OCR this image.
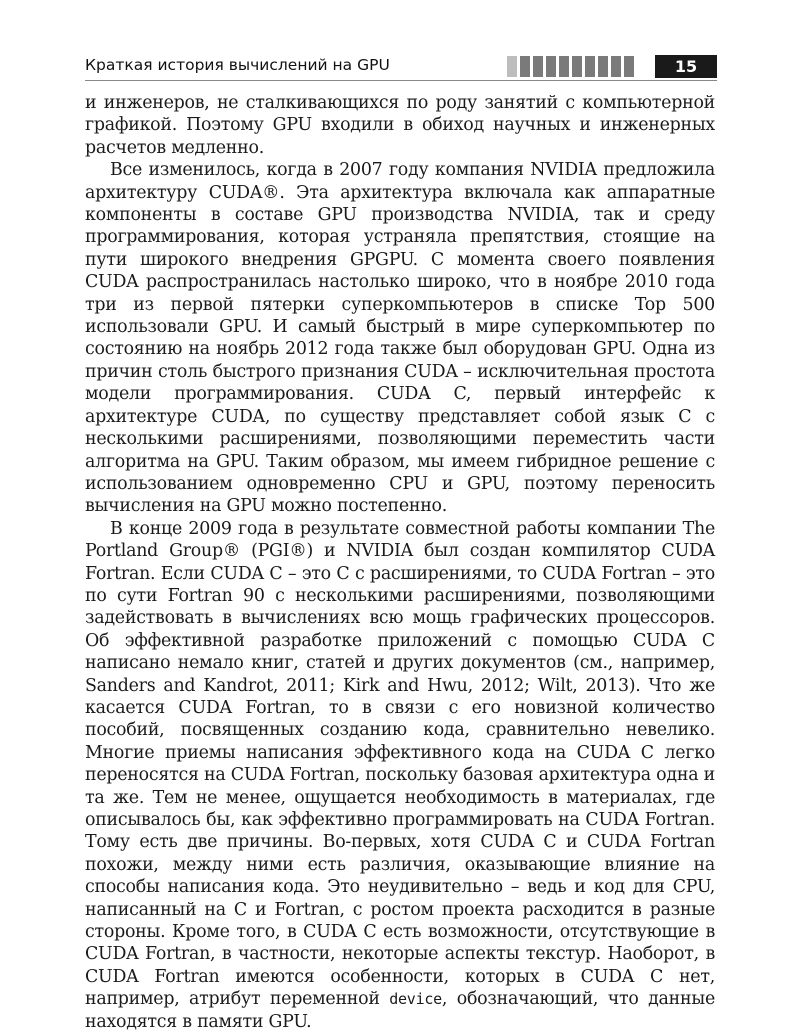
Краткая история вычислений на GPU	15

и инженеров, не сталкивающихся по роду занятий с компьютерной графикой. Поэтому GPU входили в обиход научных и инженерных расчетов медленно.

Все изменилось, когда в 2007 году компания NVIDIA предложила архитектуру CUDA®. Эта архитектура включала как аппаратные компоненты в составе GPU производства NVIDIA, так и среду программирования, которая устраняла препятствия, стоящие на пути широкого внедрения GPGPU. С момента своего появления CUDA распространилась настолько широко, что в ноябре 2010 года три из первой пятерки суперкомпьютеров в списке Top 500 использовали GPU. И самый быстрый в мире суперкомпьютер по состоянию на ноябрь 2012 года также был оборудован GPU. Одна из причин столь быстрого признания CUDA – исключительная простота модели программирования. CUDA C, первый интерфейс к архитектуре CUDA, по существу представляет собой язык C с несколькими расширениями, позволяющими переместить части алгоритма на GPU. Таким образом, мы имеем гибридное решение с использованием одновременно CPU и GPU, поэтому переносить вычисления на GPU можно постепенно.

В конце 2009 года в результате совместной работы компании The Portland Group® (PGI®) и NVIDIA был создан компилятор CUDA Fortran. Если CUDA C – это C с расширениями, то CUDA Fortran – это по сути Fortran 90 с несколькими расширениями, позволяющими задействовать в вычислениях всю мощь графических процессоров. Об эффективной разработке приложений с помощью CUDA C написано немало книг, статей и других документов (см., например, Sanders and Kandrot, 2011; Kirk and Hwu, 2012; Wilt, 2013). Что же касается CUDA Fortran, то в связи с его новизной количество пособий, посвященных созданию кода, сравнительно невелико. Многие приемы написания эффективного кода на CUDA C легко переносятся на CUDA Fortran, поскольку базовая архитектура одна и та же. Тем не менее, ощущается необходимость в материалах, где описывалось бы, как эффективно программировать на CUDA Fortran. Тому есть две причины. Во-первых, хотя CUDA C и CUDA Fortran похожи, между ними есть различия, оказывающие влияние на способы написания кода. Это неудивительно – ведь и код для CPU, написанный на C и Fortran, с ростом проекта расходится в разные стороны. Кроме того, в CUDA C есть возможности, отсутствующие в CUDA Fortran, в частности, некоторые аспекты текстур. Наоборот, в CUDA Fortran имеются особенности, которых в CUDA C нет, например, атрибут переменной device, обозначающий, что данные находятся в памяти GPU.
